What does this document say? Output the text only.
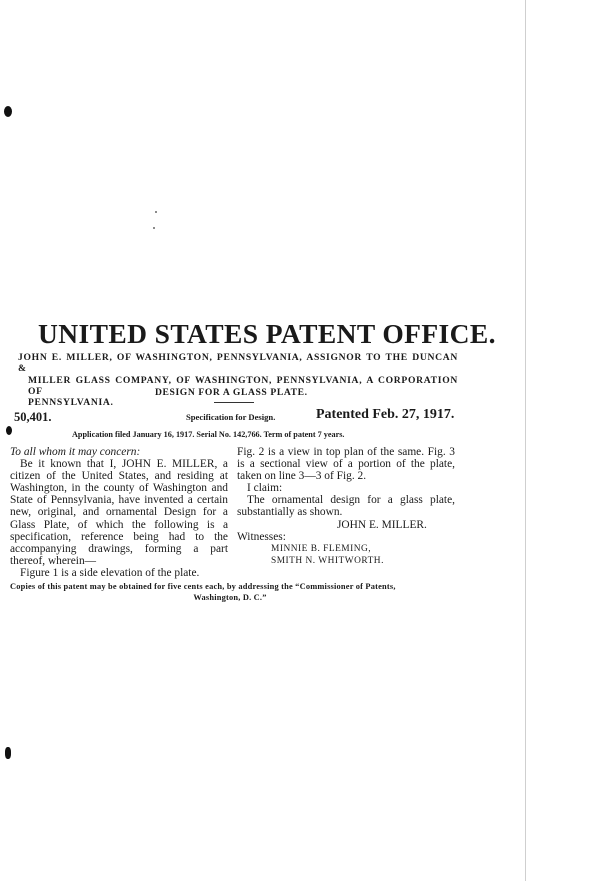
UNITED STATES PATENT OFFICE.
JOHN E. MILLER, OF WASHINGTON, PENNSYLVANIA, ASSIGNOR TO THE DUNCAN &
MILLER GLASS COMPANY, OF WASHINGTON, PENNSYLVANIA, A CORPORATION OF
PENNSYLVANIA.
DESIGN FOR A GLASS PLATE.
50,401.	Specification for Design.	Patented Feb. 27, 1917.
Application filed January 16, 1917. Serial No. 142,766. Term of patent 7 years.

To all whom it may concern:

Be it known that I, JOHN E. MILLER, a citizen of the United States, and residing at Washington, in the county of Washington and State of Pennsylvania, have invented a certain new, original, and ornamental Design for a Glass Plate, of which the following is a specification, reference being had to the accompanying drawings, forming a part thereof, wherein—

Figure 1 is a side elevation of the plate.

Fig. 2 is a view in top plan of the same. Fig. 3 is a sectional view of a portion of the plate, taken on line 3—3 of Fig. 2.

I claim:

The ornamental design for a glass plate, substantially as shown.

JOHN E. MILLER.

Witnesses:

MINNIE B. FLEMING,

SMITH N. WHITWORTH.

Copies of this patent may be obtained for five cents each, by addressing the “Commissioner of Patents,
Washington, D. C.”
